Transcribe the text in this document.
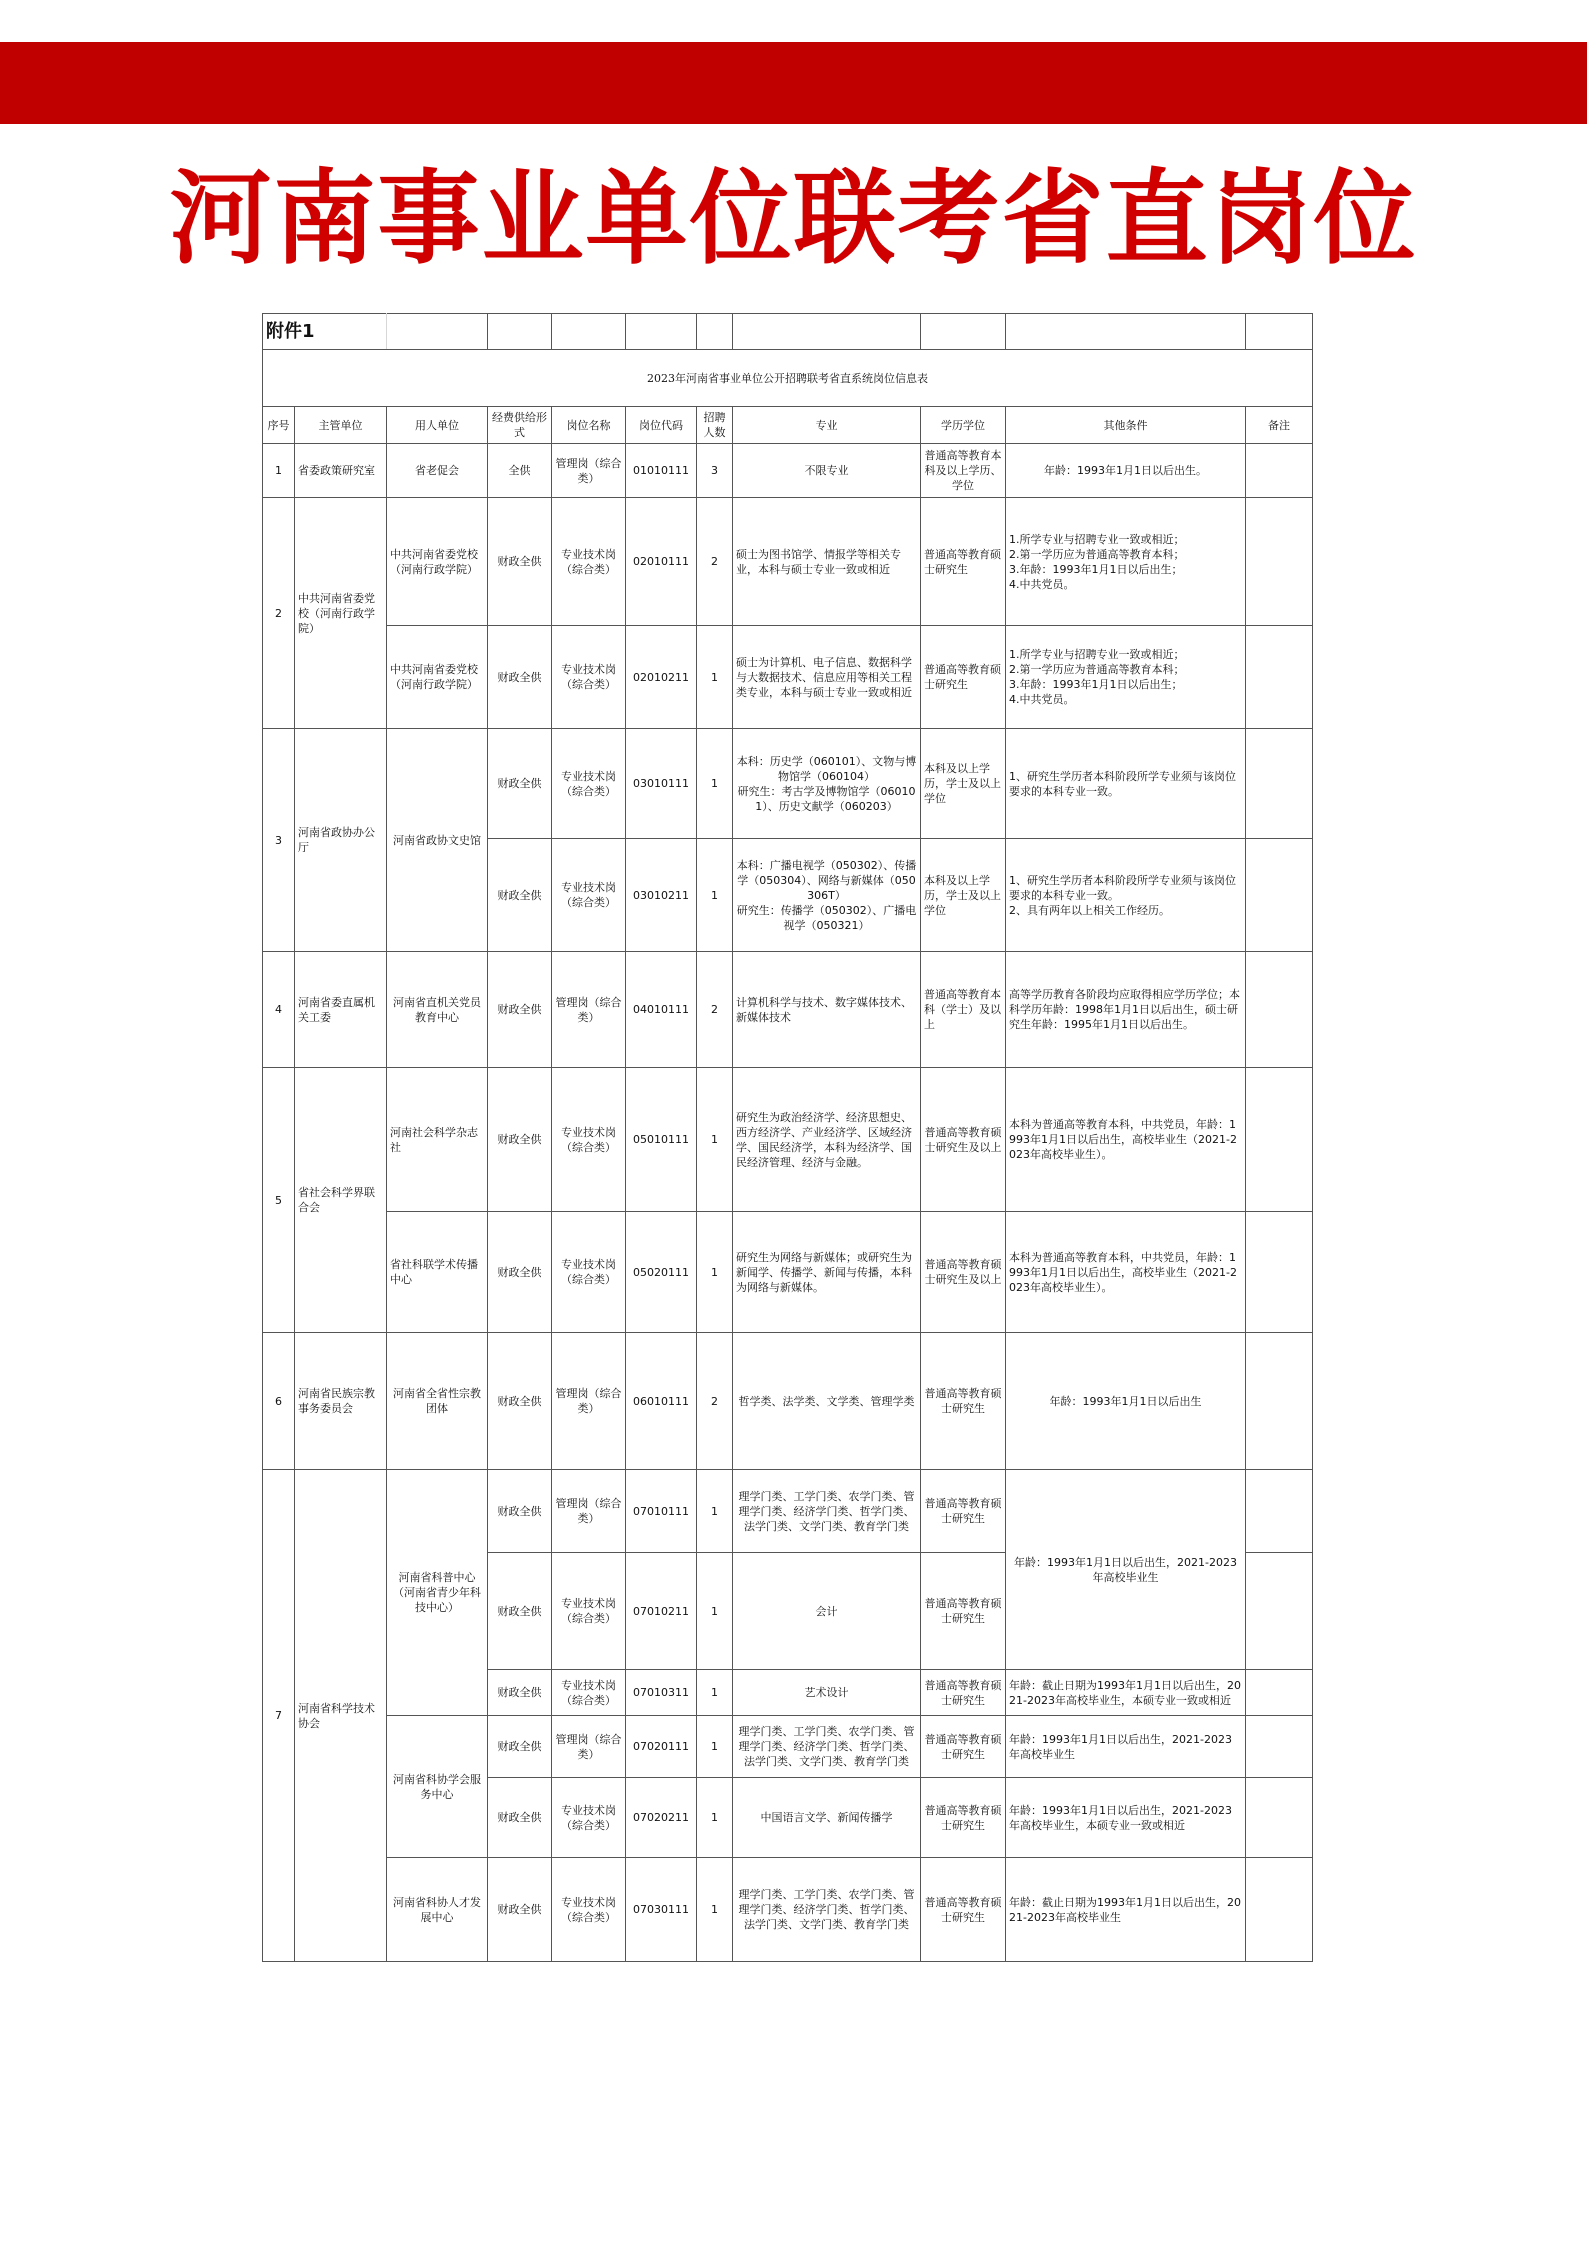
河南事业单位联考省直岗位
附件1										
2023年河南省事业单位公开招聘联考省直系统岗位信息表										
序号	主管单位	用人单位	经费供给形式	岗位名称	岗位代码	招聘人数	专业	学历学位	其他条件	备注
1	省委政策研究室	省老促会	全供	管理岗（综合类）	01010111	3	不限专业	普通高等教育本科及以上学历、学位	年龄：1993年1月1日以后出生。	
2	中共河南省委党校（河南行政学院）	中共河南省委党校（河南行政学院）	财政全供	专业技术岗（综合类）	02010111	2	硕士为图书馆学、情报学等相关专业，本科与硕士专业一致或相近	普通高等教育硕士研究生	1.所学专业与招聘专业一致或相近；
2.第一学历应为普通高等教育本科；
3.年龄：1993年1月1日以后出生；
4.中共党员。	
		中共河南省委党校（河南行政学院）	财政全供	专业技术岗（综合类）	02010211	1	硕士为计算机、电子信息、数据科学与大数据技术、信息应用等相关工程类专业，本科与硕士专业一致或相近	普通高等教育硕士研究生	1.所学专业与招聘专业一致或相近；
2.第一学历应为普通高等教育本科；
3.年龄：1993年1月1日以后出生；
4.中共党员。	
3	河南省政协办公厅	河南省政协文史馆	财政全供	专业技术岗（综合类）	03010111	1	本科：历史学（060101）、文物与博物馆学（060104）
研究生：考古学及博物馆学（060101）、历史文献学（060203）	本科及以上学历，学士及以上学位	1、研究生学历者本科阶段所学专业须与该岗位要求的本科专业一致。	
			财政全供	专业技术岗（综合类）	03010211	1	本科：广播电视学（050302）、传播学（050304）、网络与新媒体（050306T）
研究生：传播学（050302）、广播电视学（050321）	本科及以上学历，学士及以上学位	1、研究生学历者本科阶段所学专业须与该岗位要求的本科专业一致。
2、具有两年以上相关工作经历。	
4	河南省委直属机关工委	河南省直机关党员教育中心	财政全供	管理岗（综合类）	04010111	2	计算机科学与技术、数字媒体技术、新媒体技术	普通高等教育本科（学士）及以上	高等学历教育各阶段均应取得相应学历学位；本科学历年龄：1998年1月1日以后出生，硕士研究生年龄：1995年1月1日以后出生。	
5	省社会科学界联合会	河南社会科学杂志社	财政全供	专业技术岗（综合类）	05010111	1	研究生为政治经济学、经济思想史、西方经济学、产业经济学、区域经济学、国民经济学，本科为经济学、国民经济管理、经济与金融。	普通高等教育硕士研究生及以上	本科为普通高等教育本科，中共党员，年龄：1993年1月1日以后出生，高校毕业生（2021-2023年高校毕业生）。	
		省社科联学术传播中心	财政全供	专业技术岗（综合类）	05020111	1	研究生为网络与新媒体；或研究生为新闻学、传播学、新闻与传播，本科为网络与新媒体。	普通高等教育硕士研究生及以上	本科为普通高等教育本科，中共党员，年龄：1993年1月1日以后出生，高校毕业生（2021-2023年高校毕业生）。	
6	河南省民族宗教事务委员会	河南省全省性宗教团体	财政全供	管理岗（综合类）	06010111	2	哲学类、法学类、文学类、管理学类	普通高等教育硕士研究生	年龄：1993年1月1日以后出生	
7	河南省科学技术协会	河南省科普中心（河南省青少年科技中心）	财政全供	管理岗（综合类）	07010111	1	理学门类、工学门类、农学门类、管理学门类、经济学门类、哲学门类、法学门类、文学门类、教育学门类	普通高等教育硕士研究生	年龄：1993年1月1日以后出生，2021-2023年高校毕业生	
			财政全供	专业技术岗（综合类）	07010211	1	会计	普通高等教育硕士研究生		
			财政全供	专业技术岗（综合类）	07010311	1	艺术设计	普通高等教育硕士研究生	年龄：截止日期为1993年1月1日以后出生，2021-2023年高校毕业生，本硕专业一致或相近	
		河南省科协学会服务中心	财政全供	管理岗（综合类）	07020111	1	理学门类、工学门类、农学门类、管理学门类、经济学门类、哲学门类、法学门类、文学门类、教育学门类	普通高等教育硕士研究生	年龄：1993年1月1日以后出生，2021-2023年高校毕业生	
			财政全供	专业技术岗（综合类）	07020211	1	中国语言文学、新闻传播学	普通高等教育硕士研究生	年龄：1993年1月1日以后出生，2021-2023年高校毕业生，本硕专业一致或相近	
		河南省科协人才发展中心	财政全供	专业技术岗（综合类）	07030111	1	理学门类、工学门类、农学门类、管理学门类、经济学门类、哲学门类、法学门类、文学门类、教育学门类	普通高等教育硕士研究生	年龄：截止日期为1993年1月1日以后出生，2021-2023年高校毕业生	
